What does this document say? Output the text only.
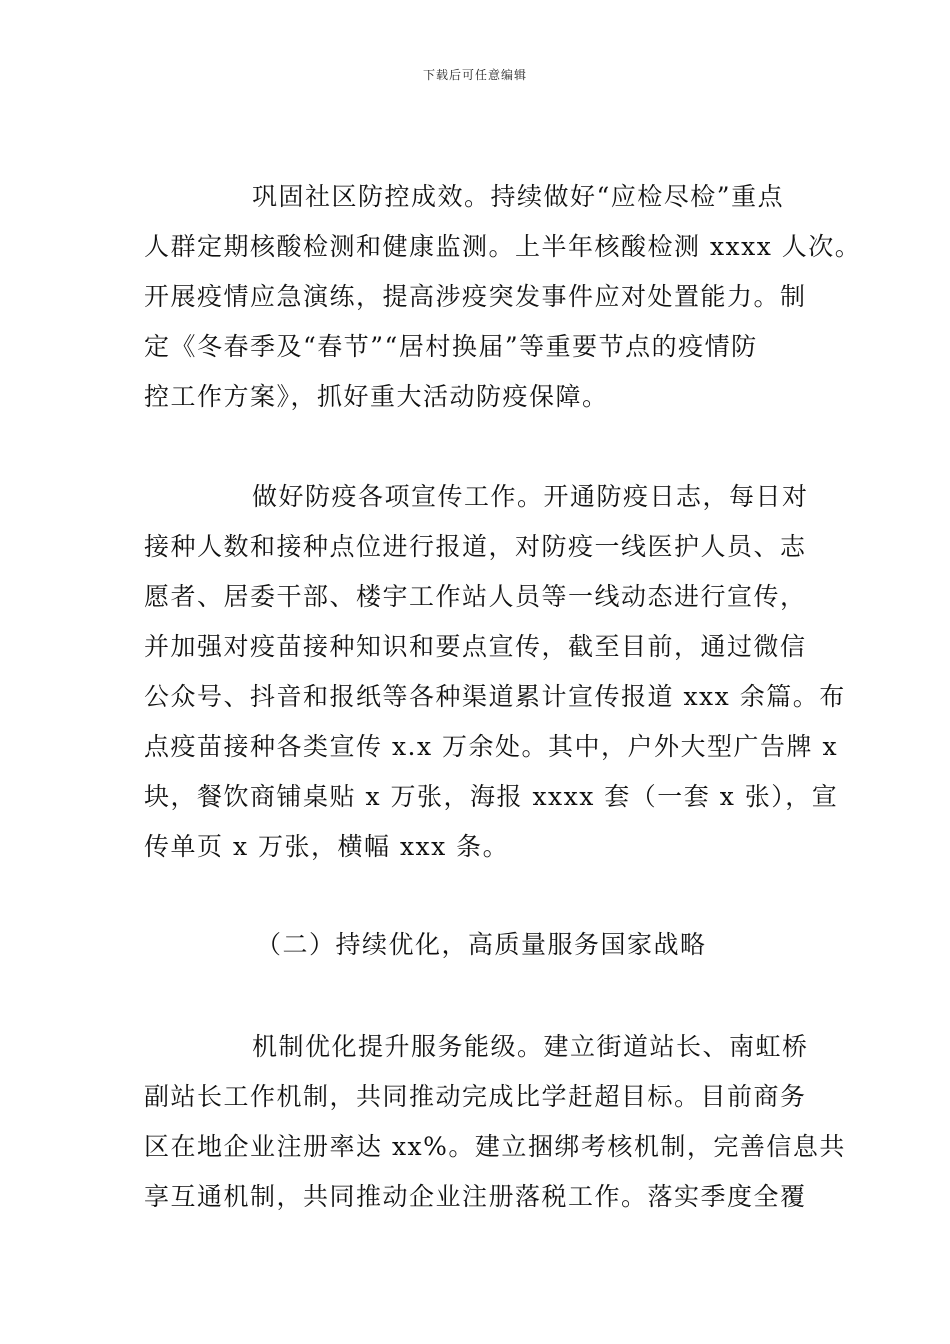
下载后可任意编辑
巩固社区防控成效。持续做好“应检尽检”重点
人群定期核酸检测和健康监测。上半年核酸检测 xxxx 人次。
开展疫情应急演练，提高涉疫突发事件应对处置能力。制
定《冬春季及“春节”“居村换届”等重要节点的疫情防
控工作方案》，抓好重大活动防疫保障。
做好防疫各项宣传工作。开通防疫日志，每日对
接种人数和接种点位进行报道，对防疫一线医护人员、志
愿者、居委干部、楼宇工作站人员等一线动态进行宣传，
并加强对疫苗接种知识和要点宣传，截至目前，通过微信
公众号、抖音和报纸等各种渠道累计宣传报道 xxx 余篇。布
点疫苗接种各类宣传 x.x 万余处。其中，户外大型广告牌 x
块，餐饮商铺桌贴 x 万张，海报 xxxx 套（一套 x 张），宣
传单页 x 万张，横幅 xxx 条。
（二）持续优化，高质量服务国家战略
机制优化提升服务能级。建立街道站长、南虹桥
副站长工作机制，共同推动完成比学赶超目标。目前商务
区在地企业注册率达 xx%。建立捆绑考核机制，完善信息共
享互通机制，共同推动企业注册落税工作。落实季度全覆
